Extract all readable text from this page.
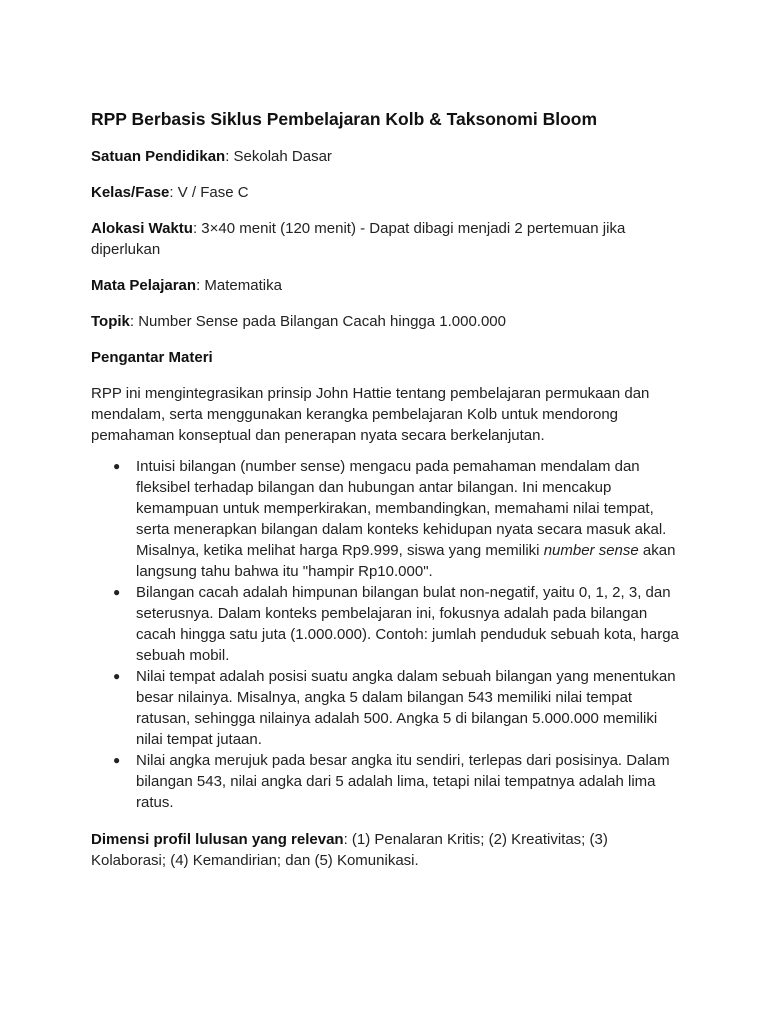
RPP Berbasis Siklus Pembelajaran Kolb & Taksonomi Bloom
Satuan Pendidikan: Sekolah Dasar
Kelas/Fase: V / Fase C
Alokasi Waktu: 3×40 menit (120 menit) - Dapat dibagi menjadi 2 pertemuan jika diperlukan
Mata Pelajaran: Matematika
Topik: Number Sense pada Bilangan Cacah hingga 1.000.000
Pengantar Materi
RPP ini mengintegrasikan prinsip John Hattie tentang pembelajaran permukaan dan mendalam, serta menggunakan kerangka pembelajaran Kolb untuk mendorong pemahaman konseptual dan penerapan nyata secara berkelanjutan.
● Intuisi bilangan (number sense) mengacu pada pemahaman mendalam dan fleksibel terhadap bilangan dan hubungan antar bilangan. Ini mencakup kemampuan untuk memperkirakan, membandingkan, memahami nilai tempat, serta menerapkan bilangan dalam konteks kehidupan nyata secara masuk akal. Misalnya, ketika melihat harga Rp9.999, siswa yang memiliki number sense akan langsung tahu bahwa itu "hampir Rp10.000".
● Bilangan cacah adalah himpunan bilangan bulat non-negatif, yaitu 0, 1, 2, 3, dan seterusnya. Dalam konteks pembelajaran ini, fokusnya adalah pada bilangan cacah hingga satu juta (1.000.000). Contoh: jumlah penduduk sebuah kota, harga sebuah mobil.
● Nilai tempat adalah posisi suatu angka dalam sebuah bilangan yang menentukan besar nilainya. Misalnya, angka 5 dalam bilangan 543 memiliki nilai tempat ratusan, sehingga nilainya adalah 500. Angka 5 di bilangan 5.000.000 memiliki nilai tempat jutaan.
● Nilai angka merujuk pada besar angka itu sendiri, terlepas dari posisinya. Dalam bilangan 543, nilai angka dari 5 adalah lima, tetapi nilai tempatnya adalah lima ratus.
Dimensi profil lulusan yang relevan: (1) Penalaran Kritis; (2) Kreativitas; (3) Kolaborasi; (4) Kemandirian; dan (5) Komunikasi.
